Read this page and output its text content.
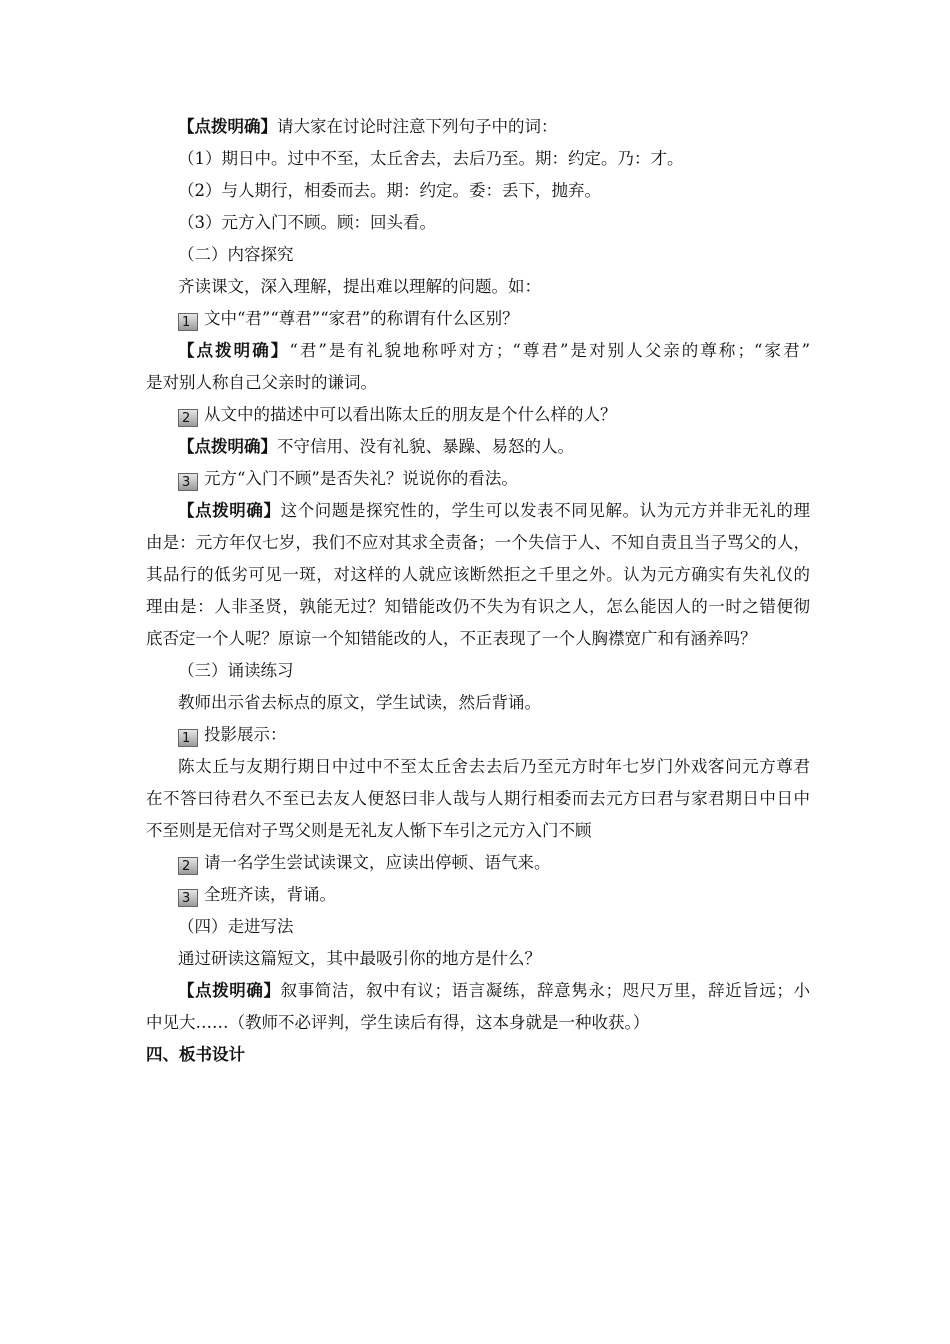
【点拨明确】请大家在讨论时注意下列句子中的词：
（1）期日中。过中不至，太丘舍去，去后乃至。期：约定。乃：才。
（2）与人期行，相委而去。期：约定。委：丢下，抛弃。
（3）元方入门不顾。顾：回头看。
（二）内容探究
齐读课文，深入理解，提出难以理解的问题。如：
1 文中“君”“尊君”“家君”的称谓有什么区别？
【点拨明确】“君”是有礼貌地称呼对方；“尊君”是对别人父亲的尊称；“家君”
是对别人称自己父亲时的谦词。
2 从文中的描述中可以看出陈太丘的朋友是个什么样的人？
【点拨明确】不守信用、没有礼貌、暴躁、易怒的人。
3 元方“入门不顾”是否失礼？说说你的看法。
【点拨明确】这个问题是探究性的，学生可以发表不同见解。认为元方并非无礼的理
由是：元方年仅七岁，我们不应对其求全责备；一个失信于人、不知自责且当子骂父的人，
其品行的低劣可见一斑，对这样的人就应该断然拒之千里之外。认为元方确实有失礼仪的
理由是：人非圣贤，孰能无过？知错能改仍不失为有识之人，怎么能因人的一时之错便彻
底否定一个人呢？原谅一个知错能改的人，不正表现了一个人胸襟宽广和有涵养吗？
（三）诵读练习
教师出示省去标点的原文，学生试读，然后背诵。
1 投影展示：
陈太丘与友期行期日中过中不至太丘舍去去后乃至元方时年七岁门外戏客问元方尊君
在不答曰待君久不至已去友人便怒曰非人哉与人期行相委而去元方曰君与家君期日中日中
不至则是无信对子骂父则是无礼友人惭下车引之元方入门不顾
2 请一名学生尝试读课文，应读出停顿、语气来。
3 全班齐读，背诵。
（四）走进写法
通过研读这篇短文，其中最吸引你的地方是什么？
【点拨明确】叙事简洁，叙中有议；语言凝练，辞意隽永；咫尺万里，辞近旨远；小
中见大……（教师不必评判，学生读后有得，这本身就是一种收获。）
四、板书设计
